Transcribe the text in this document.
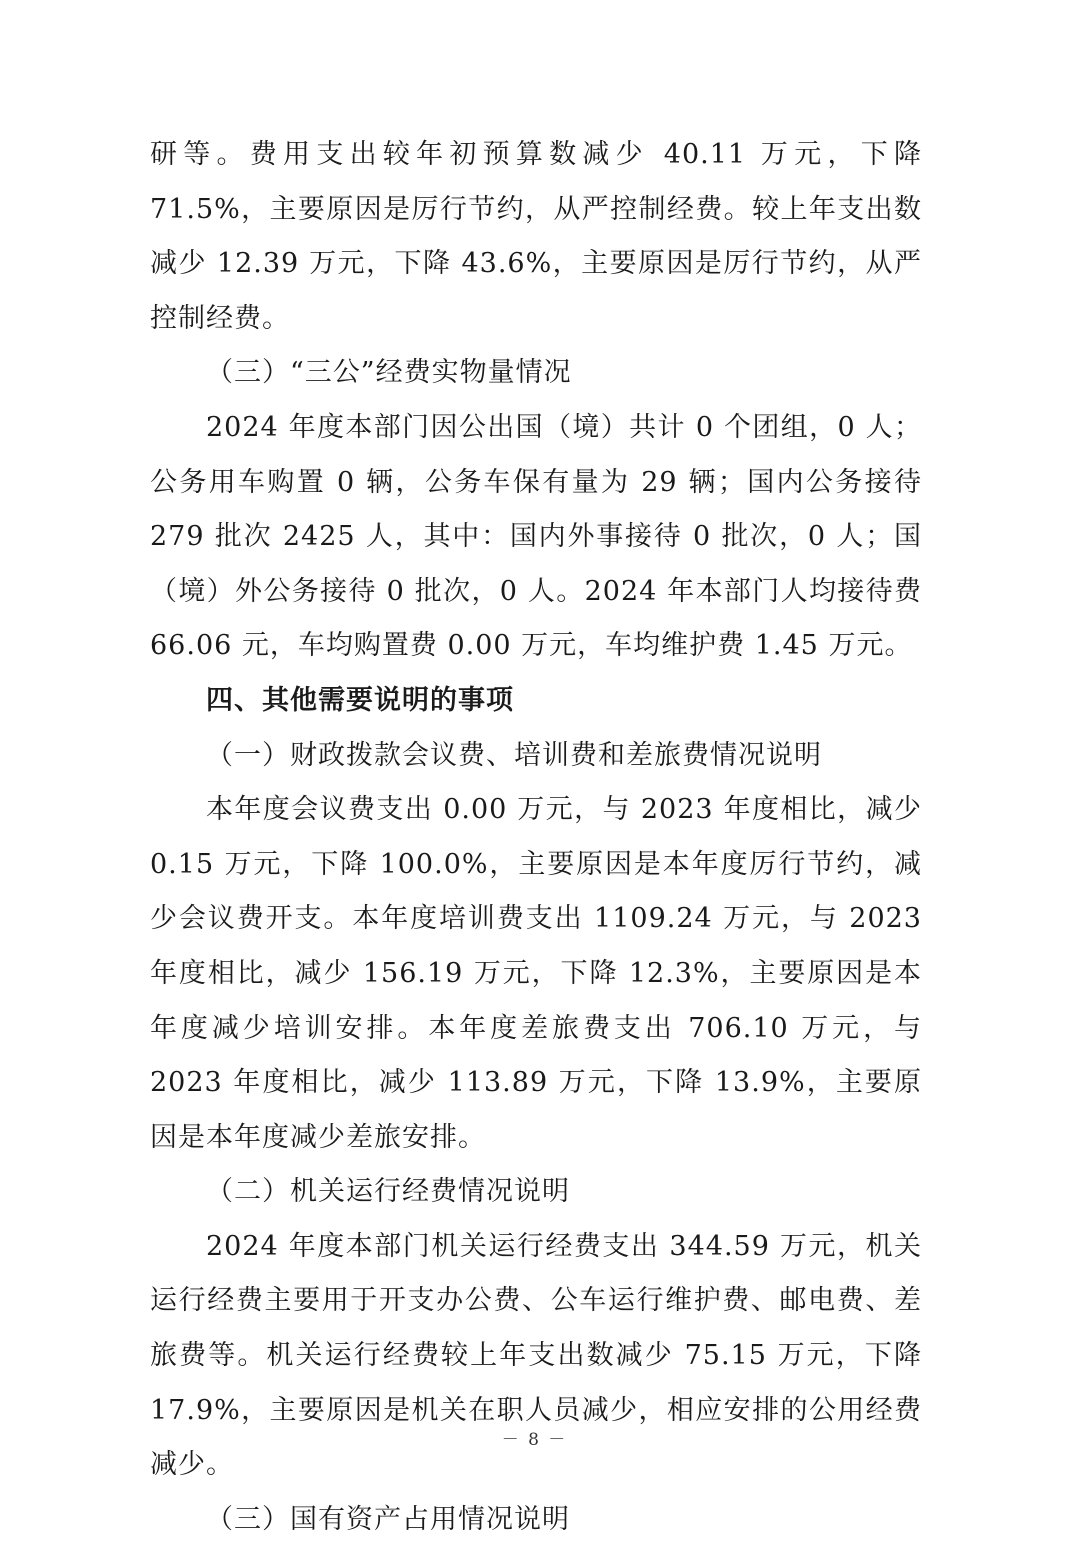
研等。费用支出较年初预算数减少 40.11 万元，下降 71.5%，主要原因是厉行节约，从严控制经费。较上年支出数减少 12.39 万元，下降 43.6%，主要原因是厉行节约，从严控制经费。

（三）“三公”经费实物量情况

2024 年度本部门因公出国（境）共计 0 个团组，0 人；公务用车购置 0 辆，公务车保有量为 29 辆；国内公务接待 279 批次 2425 人，其中：国内外事接待 0 批次，0 人；国（境）外公务接待 0 批次，0 人。2024 年本部门人均接待费 66.06 元，车均购置费 0.00 万元，车均维护费 1.45 万元。

四、其他需要说明的事项

（一）财政拨款会议费、培训费和差旅费情况说明

本年度会议费支出 0.00 万元，与 2023 年度相比，减少 0.15 万元，下降 100.0%，主要原因是本年度厉行节约，减少会议费开支。本年度培训费支出 1109.24 万元，与 2023 年度相比，减少 156.19 万元，下降 12.3%，主要原因是本年度减少培训安排。本年度差旅费支出 706.10 万元，与 2023 年度相比，减少 113.89 万元，下降 13.9%，主要原因是本年度减少差旅安排。

（二）机关运行经费情况说明

2024 年度本部门机关运行经费支出 344.59 万元，机关运行经费主要用于开支办公费、公车运行维护费、邮电费、差旅费等。机关运行经费较上年支出数减少 75.15 万元，下降 17.9%，主要原因是机关在职人员减少，相应安排的公用经费减少。

（三）国有资产占用情况说明

－ 8 －
